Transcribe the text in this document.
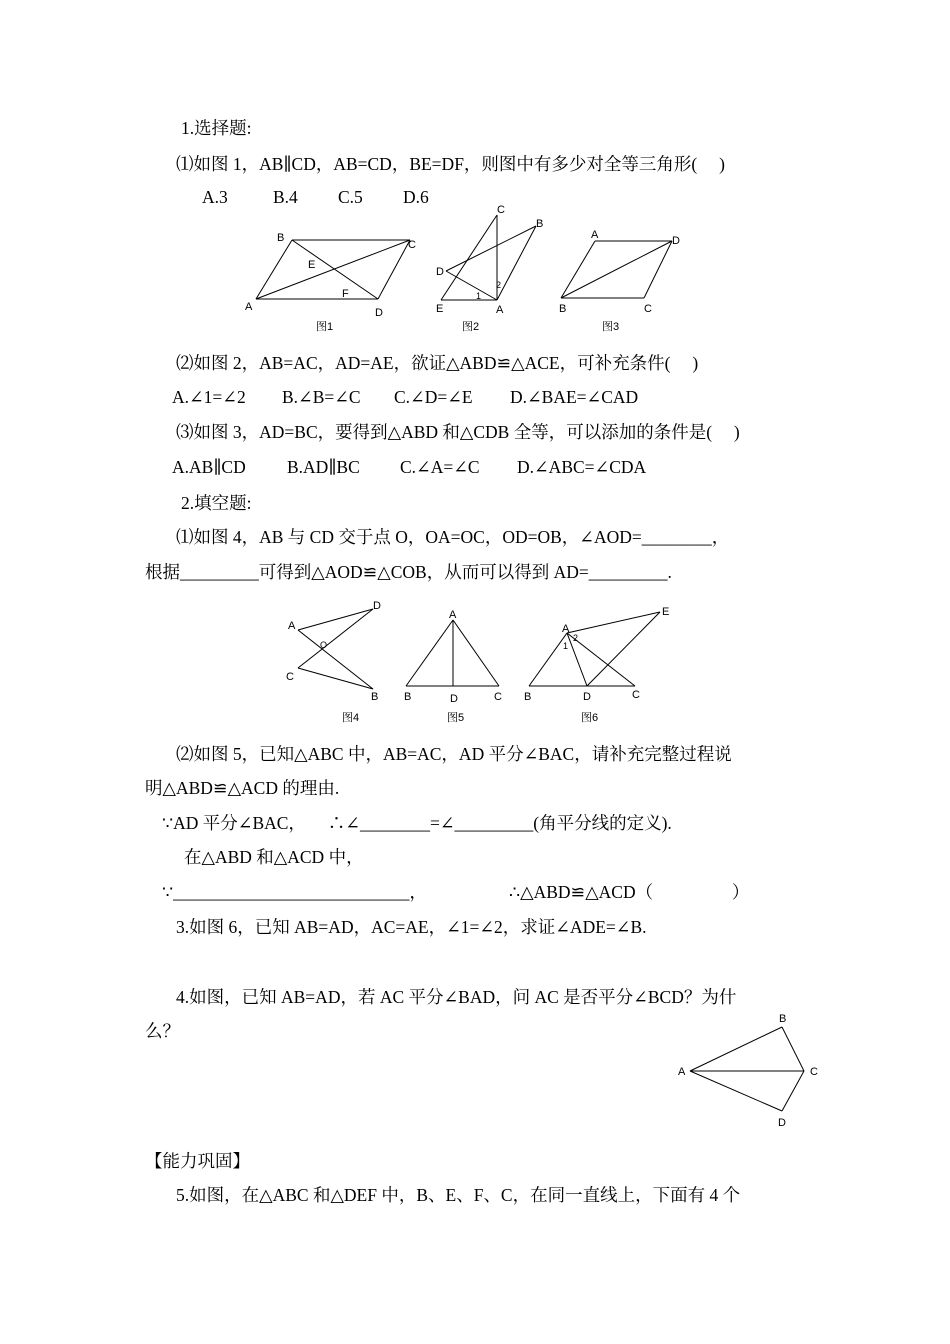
1.选择题:
⑴如图 1，AB∥CD，AB=CD，BE=DF，则图中有多少对全等三角形(     )
A.3	B.4 C.5 D.6
A
B
C
D
E
F
图1
C
B
D
E	A
1
2
图2
A	D
C
B
图3
⑵如图 2，AB=AC，AD=AE，欲证△ABD≌△ACE，可补充条件(     )
A.∠1=∠2 B.∠B=∠C C.∠D=∠E D.∠BAE=∠CAD
⑶如图 3，AD=BC，要得到△ABD 和△CDB 全等，可以添加的条件是(     )
A.AB∥CD B.AD∥BC C.∠A=∠C D.∠ABC=∠CDA
2.填空题:
⑴如图 4，AB 与 CD 交于点 O，OA=OC，OD=OB，∠AOD=________，
根据_________可得到△AOD≌△COB，从而可以得到 AD=_________.
A
D
C
B
O
图4
A
B	D	C
图5
A
E
B	D	C
1
2
图6
⑵如图 5，已知△ABC 中，AB=AC，AD 平分∠BAC，请补充完整过程说
明△ABD≌△ACD 的理由.
∵AD 平分∠BAC，     ∴∠________=∠_________(角平分线的定义).
在△ABD 和△ACD 中，
∵___________________________，	∴△ABD≌△ACD（                  ）
3.如图 6，已知 AB=AD，AC=AE，∠1=∠2，求证∠ADE=∠B.
4.如图，已知 AB=AD，若 AC 平分∠BAD，问 AC 是否平分∠BCD？为什
么？
A
B
C
D
【能力巩固】
5.如图，在△ABC 和△DEF 中，B、E、F、C，在同一直线上，下面有 4 个
